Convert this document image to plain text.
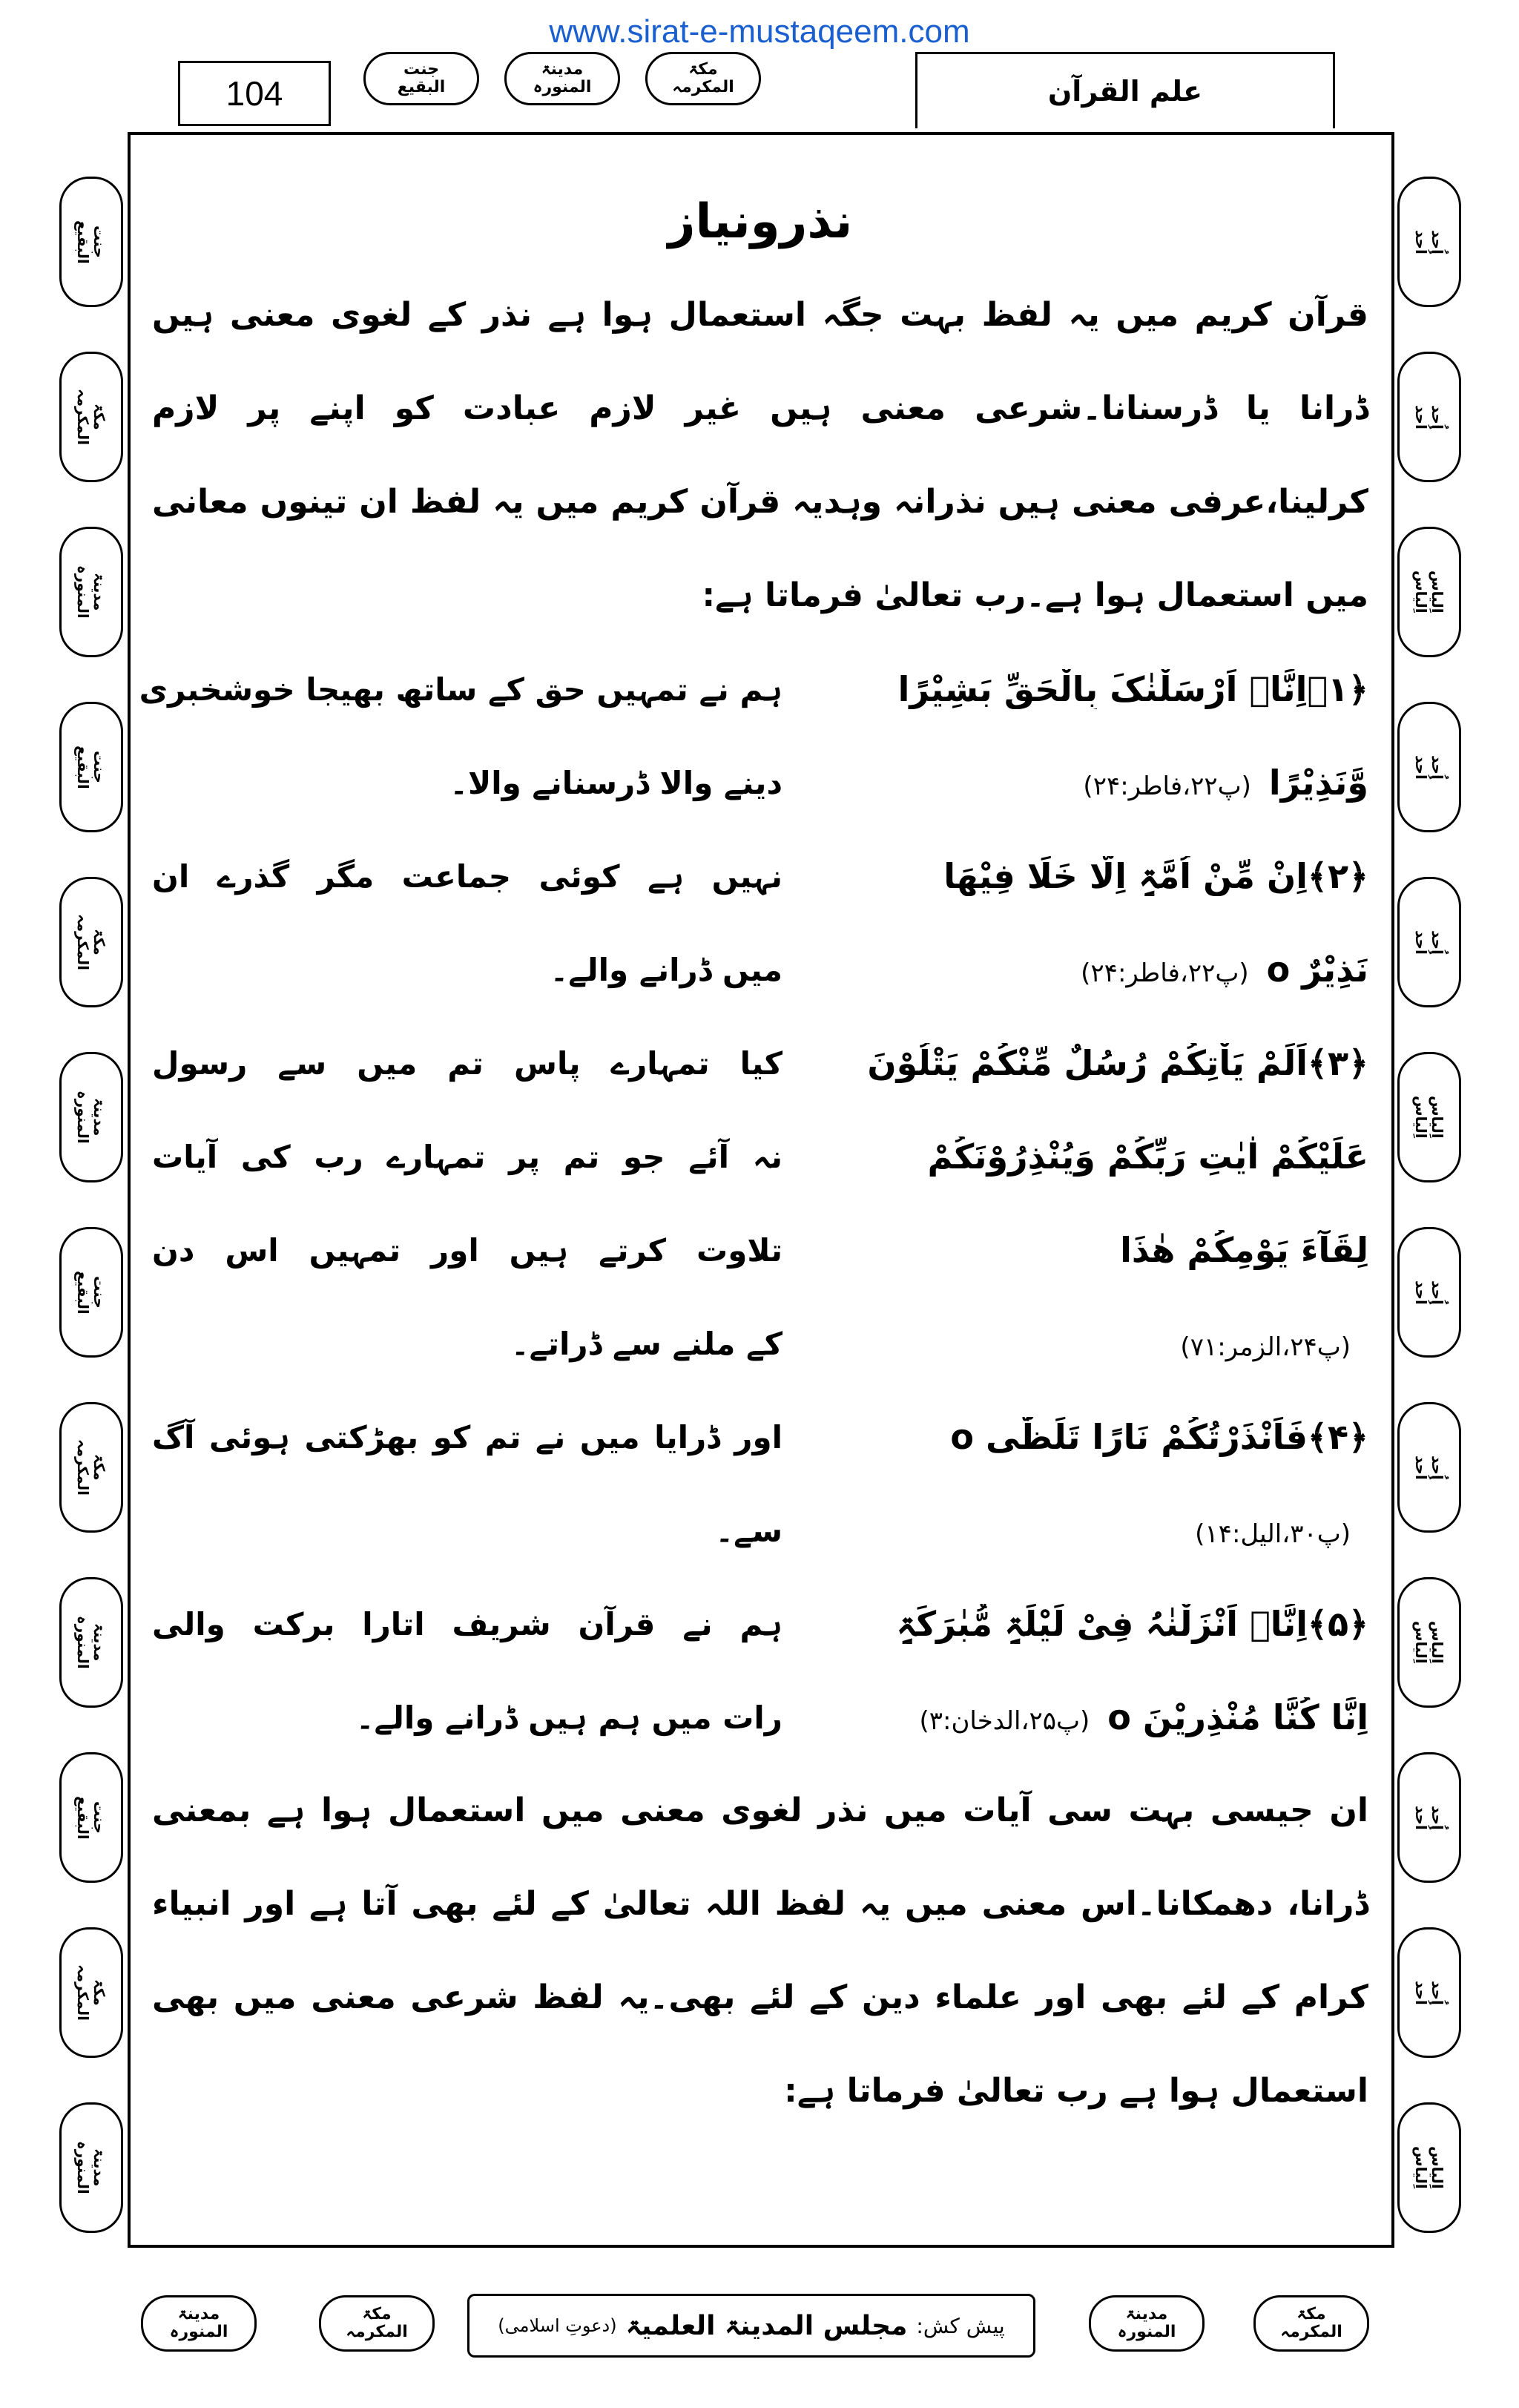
www.sirat-e-mustaqeem.com
104
جنت
البقیع
مدینۃ
المنورہ
مکۃ
المکرمہ	علم القرآن
جنت
البقیع
مکۃ
المکرمہ
مدینۃ
المنورہ
جنت
البقیع
مکۃ
المکرمہ
مدینۃ
المنورہ
جنت
البقیع
مکۃ
المکرمہ
مدینۃ
المنورہ
جنت
البقیع
مکۃ
المکرمہ
مدینۃ
المنورہ
اُحد
اُحد
اُحد
اُحد
اِلیاس
اِلیاس
اُحد
اُحد
اُحد
اُحد
اِلیاس
اِلیاس
اُحد
اُحد
اُحد
اُحد
اِلیاس
اِلیاس
اُحد
اُحد
اُحد
اُحد
اِلیاس
اِلیاس
نذرونیاز

قرآن کریم میں یہ لفظ بہت جگہ استعمال ہوا ہے نذر کے لغوی معنی ہیں ڈرانا یا ڈرسنانا۔شرعی معنی ہیں غیر لازم عبادت کو اپنے پر لازم کرلینا،عرفی معنی ہیں نذرانہ وہدیہ قرآن کریم میں یہ لفظ ان تینوں معانی میں استعمال ہوا ہے۔رب تعالیٰ فرماتا ہے:

﴿۱﴾اِنَّاۤ اَرْسَلْنٰکَ بِالْحَقِّ بَشِیْرًا
ہم نے تمہیں حق کے ساتھ بھیجا خوشخبری
وَّنَذِیْرًا(پ۲۲،فاطر:۲۴)
دینے والا ڈرسنانے والا۔
﴿۲﴾اِنْ مِّنْ اُمَّۃٍ اِلَّا خَلَا فِیْھَا
نہیں ہے کوئی جماعت مگر گذرے ان
نَذِیْرٌ o(پ۲۲،فاطر:۲۴)
میں ڈرانے والے۔
﴿۳﴾اَلَمْ یَاْتِکُمْ رُسُلٌ مِّنْکُمْ یَتْلُوْنَ
کیا تمہارے پاس تم میں سے رسول
عَلَیْکُمْ اٰیٰتِ رَبِّکُمْ وَیُنْذِرُوْنَکُمْ
نہ آئے جو تم پر تمہارے رب کی آیات
لِقَآءَ یَوْمِکُمْ ھٰذَا
تلاوت کرتے ہیں اور تمہیں اس دن
(پ۲۴،الزمر:۷۱)
کے ملنے سے ڈراتے۔
﴿۴﴾فَاَنْذَرْتُکُمْ نَارًا تَلَظّٰی o
اور ڈرایا میں نے تم کو بھڑکتی ہوئی آگ
(پ۳۰،الیل:۱۴)
سے۔
﴿۵﴾اِنَّاۤ اَنْزَلْنٰہُ فِیْ لَیْلَۃٍ مُّبٰرَکَۃٍ
ہم نے قرآن شریف اتارا برکت والی
اِنَّا کُنَّا مُنْذِرِیْنَ o(پ۲۵،الدخان:۳)
رات میں ہم ہیں ڈرانے والے۔

ان جیسی بہت سی آیات میں نذر لغوی معنی میں استعمال ہوا ہے بمعنی ڈرانا، دھمکانا۔اس معنی میں یہ لفظ اللہ تعالیٰ کے لئے بھی آتا ہے اور انبیاء کرام کے لئے بھی اور علماء دین کے لئے بھی۔یہ لفظ شرعی معنی میں بھی استعمال ہوا ہے رب تعالیٰ فرماتا ہے:

مدینۃ
المنورہ
مکۃ
المکرمہ	پیش کش:
مجلس المدینۃ العلمیۃ
(دعوتِ اسلامی)
مدینۃ
المنورہ
مکۃ
المکرمہ
